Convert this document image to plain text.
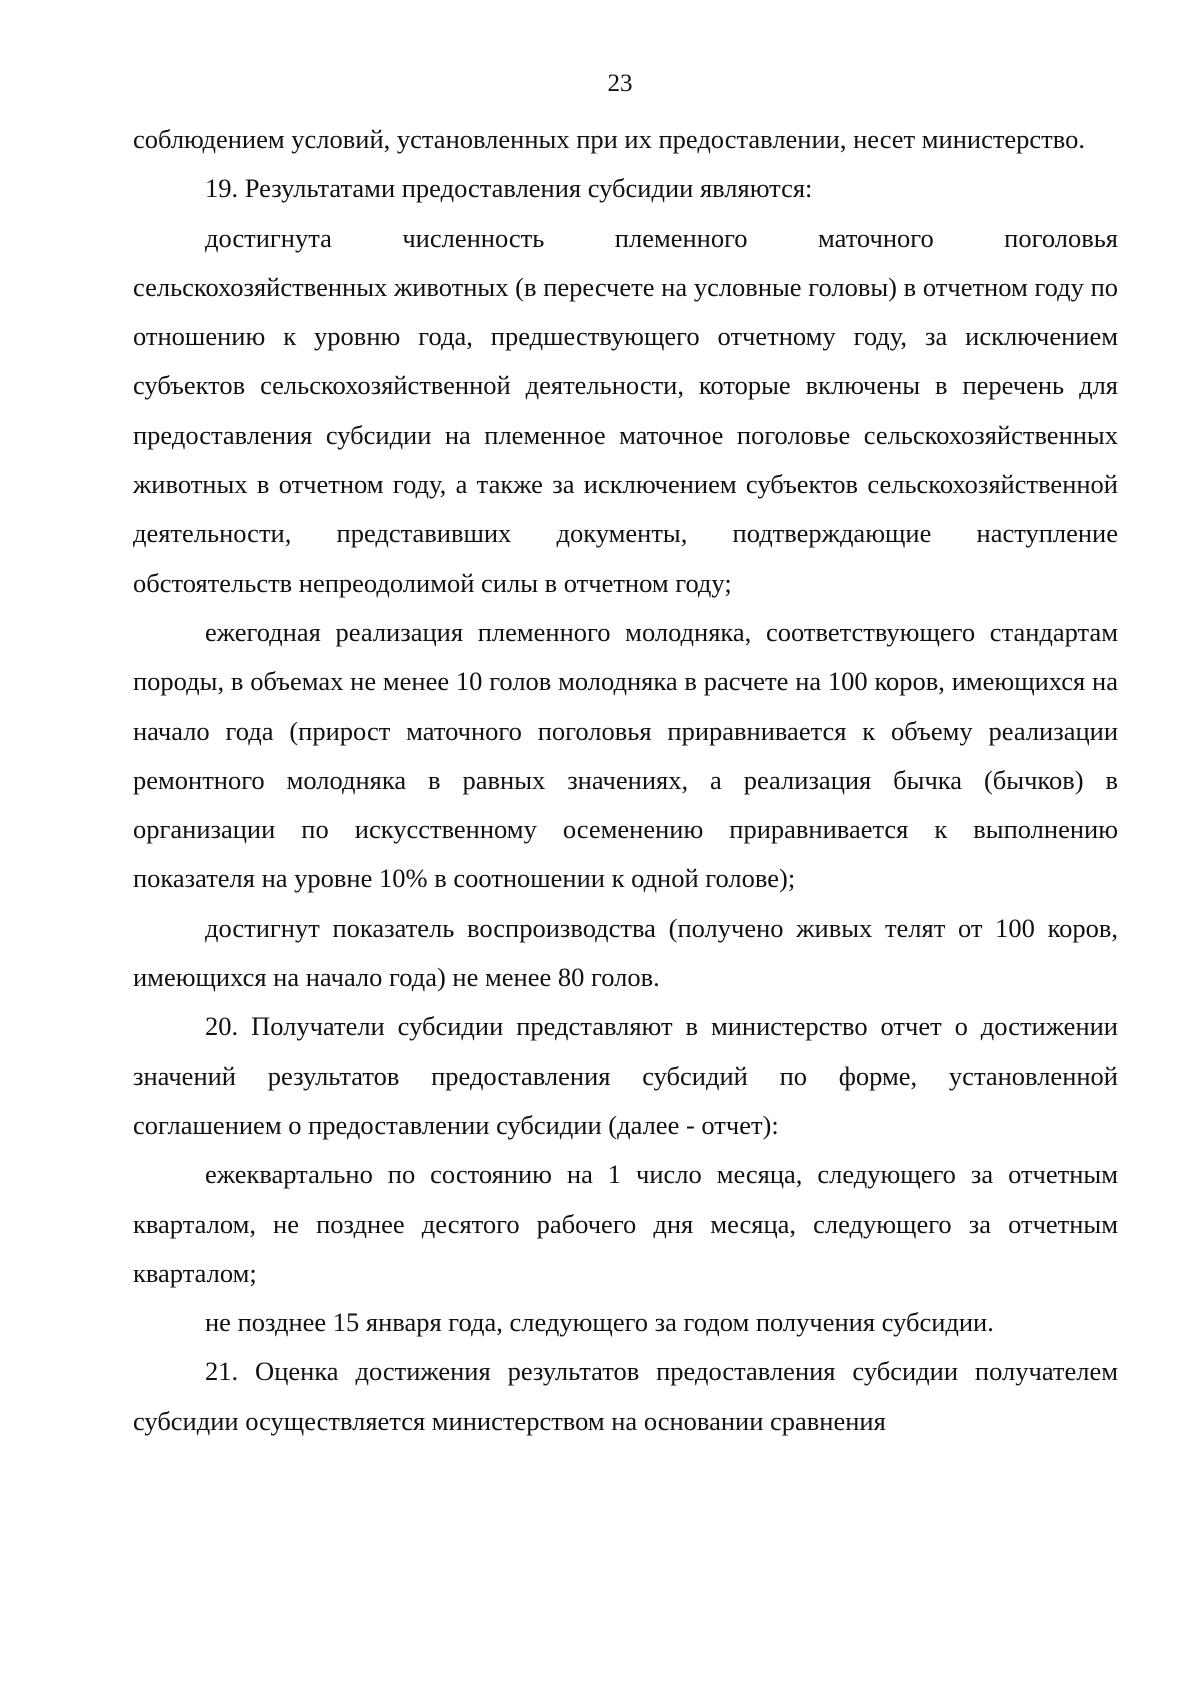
23

соблюдением условий, установленных при их предоставлении, несет министерство.

19. Результатами предоставления субсидии являются:

достигнута численность племенного маточного поголовья сельскохозяйственных животных (в пересчете на условные головы) в отчетном году по отношению к уровню года, предшествующего отчетному году, за исключением субъектов сельскохозяйственной деятельности, которые включены в перечень для предоставления субсидии на племенное маточное поголовье сельскохозяйственных животных в отчетном году, а также за исключением субъектов сельскохозяйственной деятельности, представивших документы, подтверждающие наступление обстоятельств непреодолимой силы в отчетном году;

ежегодная реализация племенного молодняка, соответствующего стандартам породы, в объемах не менее 10 голов молодняка в расчете на 100 коров, имеющихся на начало года (прирост маточного поголовья приравнивается к объему реализации ремонтного молодняка в равных значениях, а реализация бычка (бычков) в организации по искусственному осеменению приравнивается к выполнению показателя на уровне 10% в соотношении к одной голове);

достигнут показатель воспроизводства (получено живых телят от 100 коров, имеющихся на начало года) не менее 80 голов.

20. Получатели субсидии представляют в министерство отчет о достижении значений результатов предоставления субсидий по форме, установленной соглашением о предоставлении субсидии (далее - отчет):

ежеквартально по состоянию на 1 число месяца, следующего за отчетным кварталом, не позднее десятого рабочего дня месяца, следующего за отчетным кварталом;

не позднее 15 января года, следующего за годом получения субсидии.

21. Оценка достижения результатов предоставления субсидии получателем субсидии осуществляется министерством на основании сравнения
